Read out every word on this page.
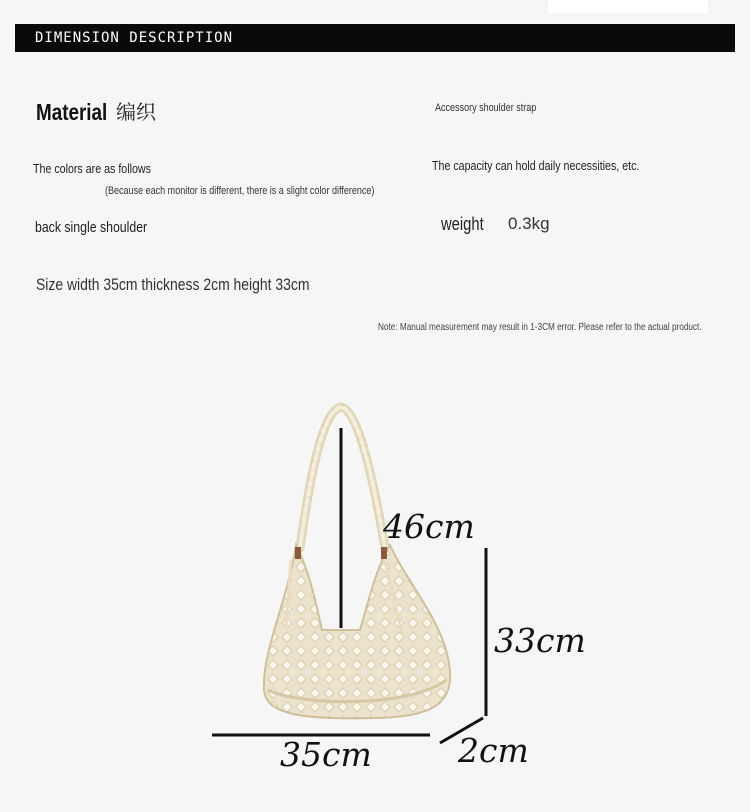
DIMENSION DESCRIPTION
Material 编织	Accessory shoulder strap
The colors are as follows
(Because each monitor is different, there is a slight color difference)
The capacity can hold daily necessities, etc.
back single shoulder	weight 0.3kg
Size width 35cm thickness 2cm height 33cm
Note: Manual measurement may result in 1-3CM error. Please refer to the actual product.
46cm
33cm
35cm	2cm
